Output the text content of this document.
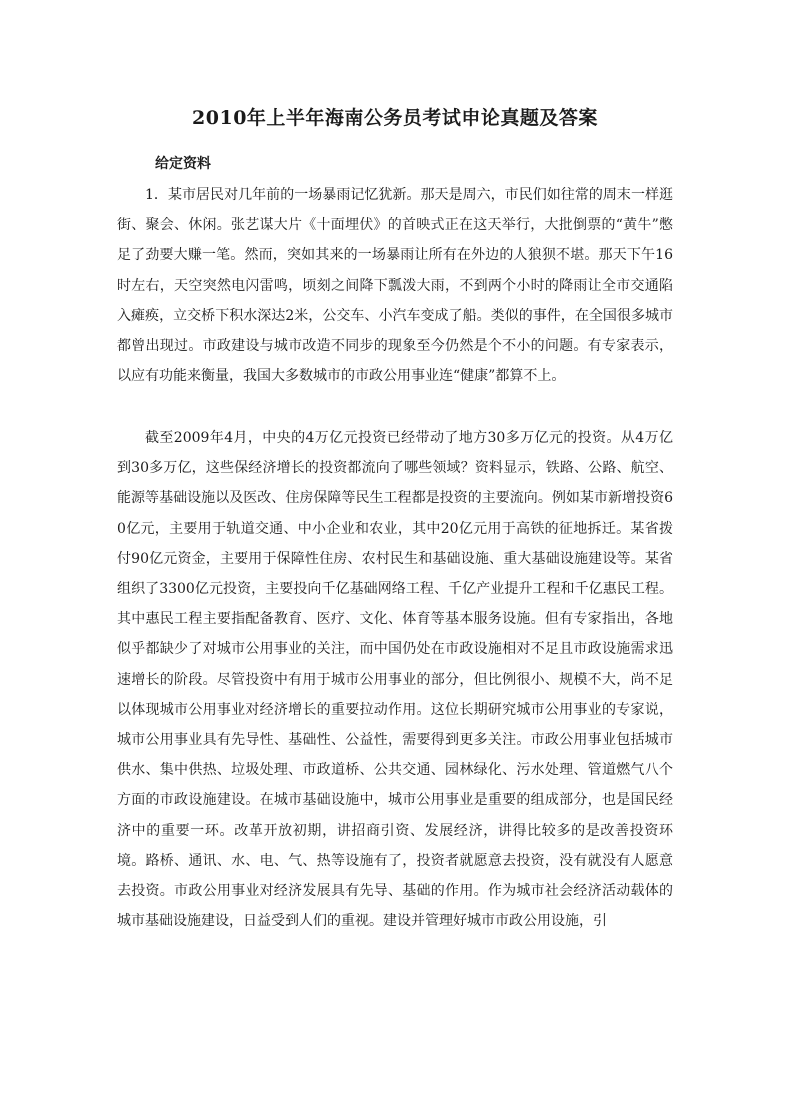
2010年上半年海南公务员考试申论真题及答案
给定资料

1．某市居民对几年前的一场暴雨记忆犹新。那天是周六，市民们如往常的周末一样逛街、聚会、休闲。张艺谋大片《十面埋伏》的首映式正在这天举行，大批倒票的“黄牛”憋足了劲要大赚一笔。然而，突如其来的一场暴雨让所有在外边的人狼狈不堪。那天下午16时左右，天空突然电闪雷鸣，顷刻之间降下瓢泼大雨，不到两个小时的降雨让全市交通陷入瘫痪，立交桥下积水深达2米，公交车、小汽车变成了船。类似的事件，在全国很多城市都曾出现过。市政建设与城市改造不同步的现象至今仍然是个不小的问题。有专家表示，以应有功能来衡量，我国大多数城市的市政公用事业连“健康”都算不上。

截至2009年4月，中央的4万亿元投资已经带动了地方30多万亿元的投资。从4万亿到30多万亿，这些保经济增长的投资都流向了哪些领域？资料显示，铁路、公路、航空、能源等基础设施以及医改、住房保障等民生工程都是投资的主要流向。例如某市新增投资60亿元，主要用于轨道交通、中小企业和农业，其中20亿元用于高铁的征地拆迁。某省拨付90亿元资金，主要用于保障性住房、农村民生和基础设施、重大基础设施建设等。某省组织了3300亿元投资，主要投向千亿基础网络工程、千亿产业提升工程和千亿惠民工程。其中惠民工程主要指配备教育、医疗、文化、体育等基本服务设施。但有专家指出，各地似乎都缺少了对城市公用事业的关注，而中国仍处在市政设施相对不足且市政设施需求迅速增长的阶段。尽管投资中有用于城市公用事业的部分，但比例很小、规模不大，尚不足以体现城市公用事业对经济增长的重要拉动作用。这位长期研究城市公用事业的专家说，城市公用事业具有先导性、基础性、公益性，需要得到更多关注。市政公用事业包括城市供水、集中供热、垃圾处理、市政道桥、公共交通、园林绿化、污水处理、管道燃气八个方面的市政设施建设。在城市基础设施中，城市公用事业是重要的组成部分，也是国民经济中的重要一环。改革开放初期，讲招商引资、发展经济，讲得比较多的是改善投资环境。路桥、通讯、水、电、气、热等设施有了，投资者就愿意去投资，没有就没有人愿意去投资。市政公用事业对经济发展具有先导、基础的作用。作为城市社会经济活动载体的城市基础设施建设，日益受到人们的重视。建设并管理好城市市政公用设施，引
